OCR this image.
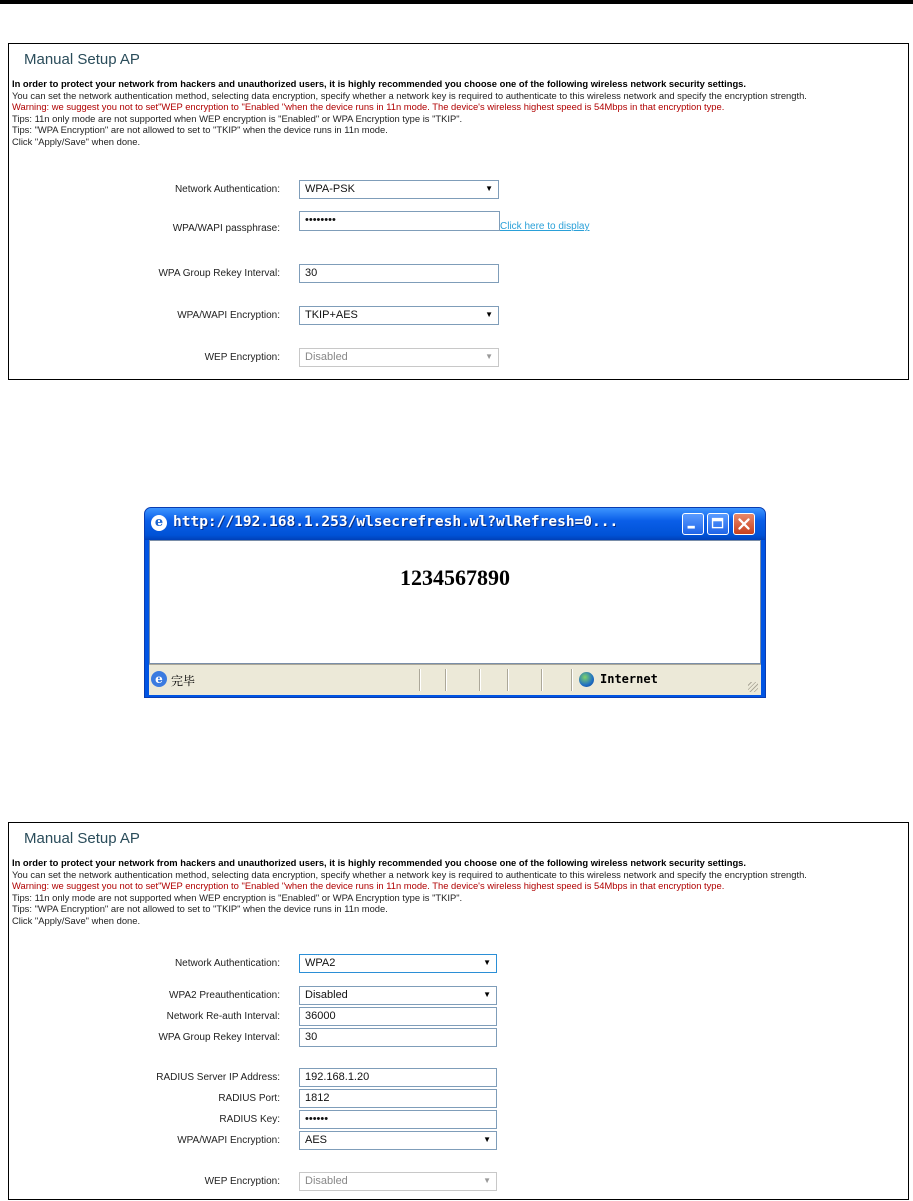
Manual Setup AP
In order to protect your network from hackers and unauthorized users, it is highly recommended you choose one of the following wireless network security settings.
You can set the network authentication method, selecting data encryption, specify whether a network key is required to authenticate to this wireless network and specify the encryption strength.
Warning: we suggest you not to set"WEP encryption to "Enabled "when the device runs in 11n mode. The device's wireless highest speed is 54Mbps in that encryption type.
Tips: 11n only mode are not supported when WEP encryption is "Enabled" or WPA Encryption type is "TKIP".
Tips: "WPA Encryption" are not allowed to set to "TKIP" when the device runs in 11n mode.
Click "Apply/Save" when done.
Network Authentication:	WPA-PSK	▼
WPA/WAPI passphrase:
••••••••
Click here to display
WPA Group Rekey Interval:	30
WPA/WAPI Encryption:	TKIP+AES	▼
WEP Encryption:	Disabled	▼
e http://192.168.1.253/wlsecrefresh.wl?wlRefresh=0...
1234567890
e 完毕	Internet
Manual Setup AP
In order to protect your network from hackers and unauthorized users, it is highly recommended you choose one of the following wireless network security settings.
You can set the network authentication method, selecting data encryption, specify whether a network key is required to authenticate to this wireless network and specify the encryption strength.
Warning: we suggest you not to set"WEP encryption to "Enabled "when the device runs in 11n mode. The device's wireless highest speed is 54Mbps in that encryption type.
Tips: 11n only mode are not supported when WEP encryption is "Enabled" or WPA Encryption type is "TKIP".
Tips: "WPA Encryption" are not allowed to set to "TKIP" when the device runs in 11n mode.
Click "Apply/Save" when done.
Network Authentication:	WPA2	▼
WPA2 Preauthentication:	Disabled	▼
Network Re-auth Interval:	36000
WPA Group Rekey Interval:	30
RADIUS Server IP Address:	192.168.1.20
RADIUS Port:	1812
RADIUS Key:	••••••
WPA/WAPI Encryption:	AES	▼
WEP Encryption:	Disabled	▼
